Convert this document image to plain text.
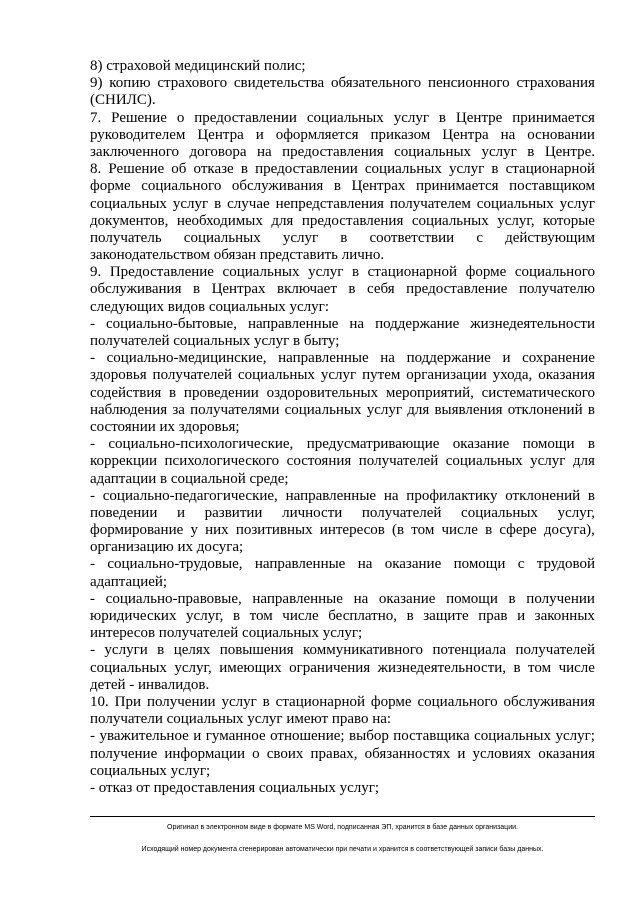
8) страховой медицинский полис;
9) копию страхового свидетельства обязательного пенсионного страхования
(СНИЛС).
7. Решение о предоставлении социальных услуг в Центре принимается
руководителем Центра и оформляется приказом Центра на основании
заключенного договора на предоставления социальных услуг в Центре.
8. Решение об отказе в предоставлении социальных услуг в стационарной
форме социального обслуживания в Центрах принимается поставщиком
социальных услуг в случае непредставления получателем социальных услуг
документов, необходимых для предоставления социальных услуг, которые
получатель социальных услуг в соответствии с действующим
законодательством обязан представить лично.
9. Предоставление социальных услуг в стационарной форме социального
обслуживания в Центрах включает в себя предоставление получателю
следующих видов социальных услуг:
- социально-бытовые, направленные на поддержание жизнедеятельности
получателей социальных услуг в быту;
- социально-медицинские, направленные на поддержание и сохранение
здоровья получателей социальных услуг путем организации ухода, оказания
содействия в проведении оздоровительных мероприятий, систематического
наблюдения за получателями социальных услуг для выявления отклонений в
состоянии их здоровья;
- социально-психологические, предусматривающие оказание помощи в
коррекции психологического состояния получателей социальных услуг для
адаптации в социальной среде;
- социально-педагогические, направленные на профилактику отклонений в
поведении и развитии личности получателей социальных услуг,
формирование у них позитивных интересов (в том числе в сфере досуга),
организацию их досуга;
- социально-трудовые, направленные на оказание помощи с трудовой
адаптацией;
- социально-правовые, направленные на оказание помощи в получении
юридических услуг, в том числе бесплатно, в защите прав и законных
интересов получателей социальных услуг;
- услуги в целях повышения коммуникативного потенциала получателей
социальных услуг, имеющих ограничения жизнедеятельности, в том числе
детей - инвалидов.
10. При получении услуг в стационарной форме социального обслуживания
получатели социальных услуг имеют право на:
- уважительное и гуманное отношение; выбор поставщика социальных услуг;
получение информации о своих правах, обязанностях и условиях оказания
социальных услуг;
- отказ от предоставления социальных услуг;
Оригинал в электронном виде в формате MS Word, подписанная ЭП, хранится в базе данных организации.
Исходящий номер документа сгенерирован автоматически при печати и хранится в соответствующей записи базы данных.
